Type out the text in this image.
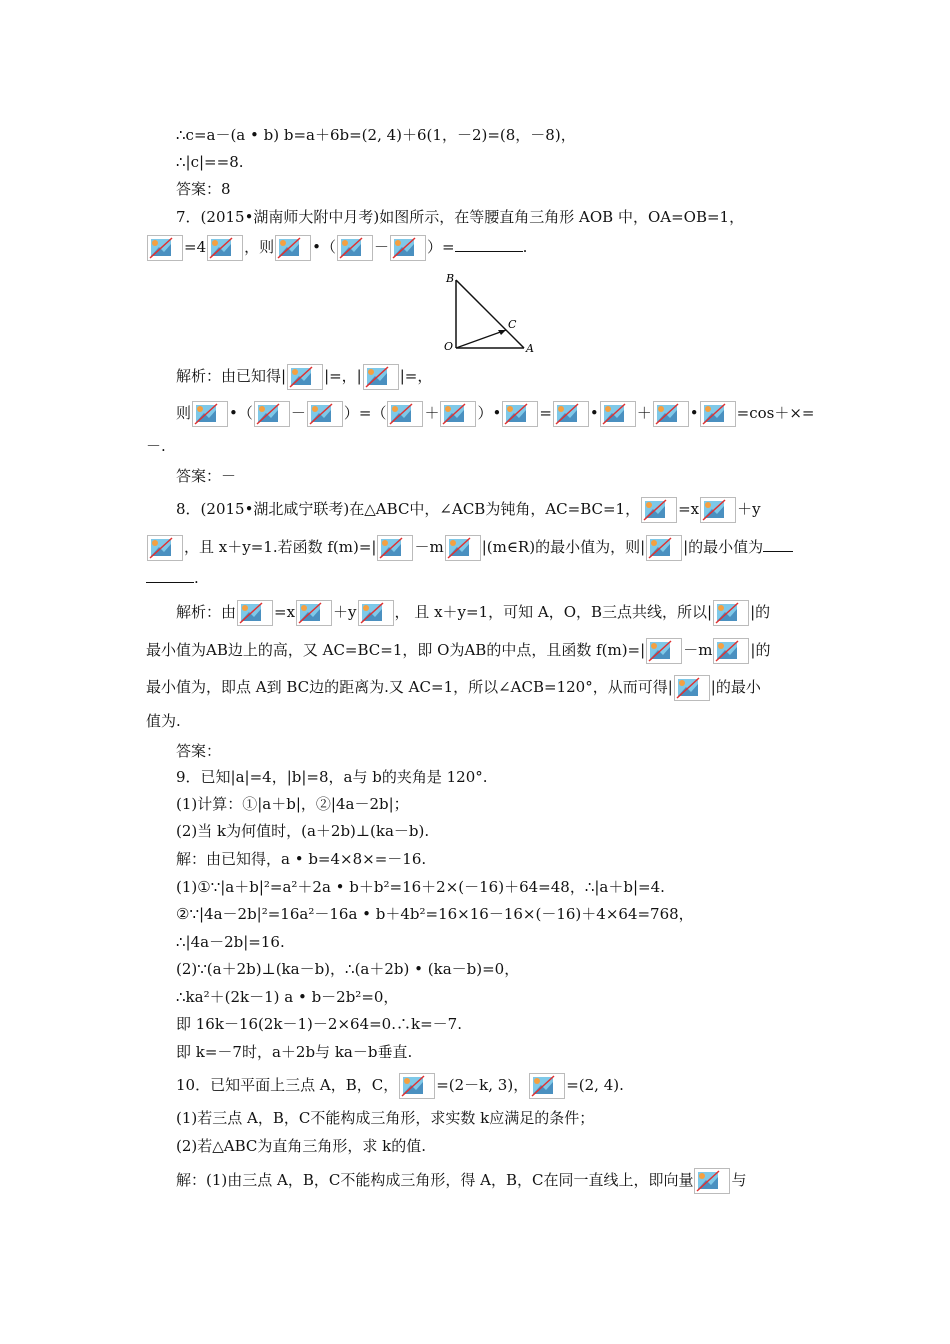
∴c=a－(a • b) b=a＋6b=(2, 4)＋6(1，－2)=(8，－8)，
∴|c|==8.
答案：8
7．(2015•湖南师大附中月考)如图所示，在等腰直角三角形 AOB 中，OA=OB=1，
=4	，则	•（	－	）=	.
B
C
O	A
解析：由已知得|	|=，|	|=，
则	•（	－	）=（	＋	）•	=	•	＋	•	=cos＋×=
－.
答案：－
8．(2015•湖北咸宁联考)在△ABC中，∠ACB为钝角，AC=BC=1，	=x	＋y
，且 x＋y=1.若函数 f(m)=|	－m	|(m∈R)的最小值为，则|	|的最小值为
.
解析：由	=x	＋y	， 且 x＋y=1，可知 A，O，B三点共线，所以|	|的
最小值为AB边上的高，又 AC=BC=1，即 O为AB的中点，且函数 f(m)=|	－m	|的
最小值为，即点 A到 BC边的距离为.又 AC=1，所以∠ACB=120°，从而可得|	|的最小
值为.
答案：
9．已知|a|=4，|b|=8，a与 b的夹角是 120°.
(1)计算：①|a＋b|，②|4a－2b|；
(2)当 k为何值时，(a＋2b)⊥(ka－b).
解：由已知得，a • b=4×8×=－16.
(1)①∵|a＋b|²=a²＋2a • b＋b²=16＋2×(－16)＋64=48，∴|a＋b|=4.
②∵|4a－2b|²=16a²－16a • b＋4b²=16×16－16×(－16)＋4×64=768，
∴|4a－2b|=16.
(2)∵(a＋2b)⊥(ka－b)，∴(a＋2b) • (ka－b)=0，
∴ka²＋(2k－1) a • b－2b²=0，
即 16k－16(2k－1)－2×64=0.∴k=－7.
即 k=－7时，a＋2b与 ka－b垂直.
10．已知平面上三点 A，B，C，	=(2－k, 3)，	=(2, 4).
(1)若三点 A，B，C不能构成三角形，求实数 k应满足的条件；
(2)若△ABC为直角三角形，求 k的值.
解：(1)由三点 A，B，C不能构成三角形，得 A，B，C在同一直线上，即向量	与
